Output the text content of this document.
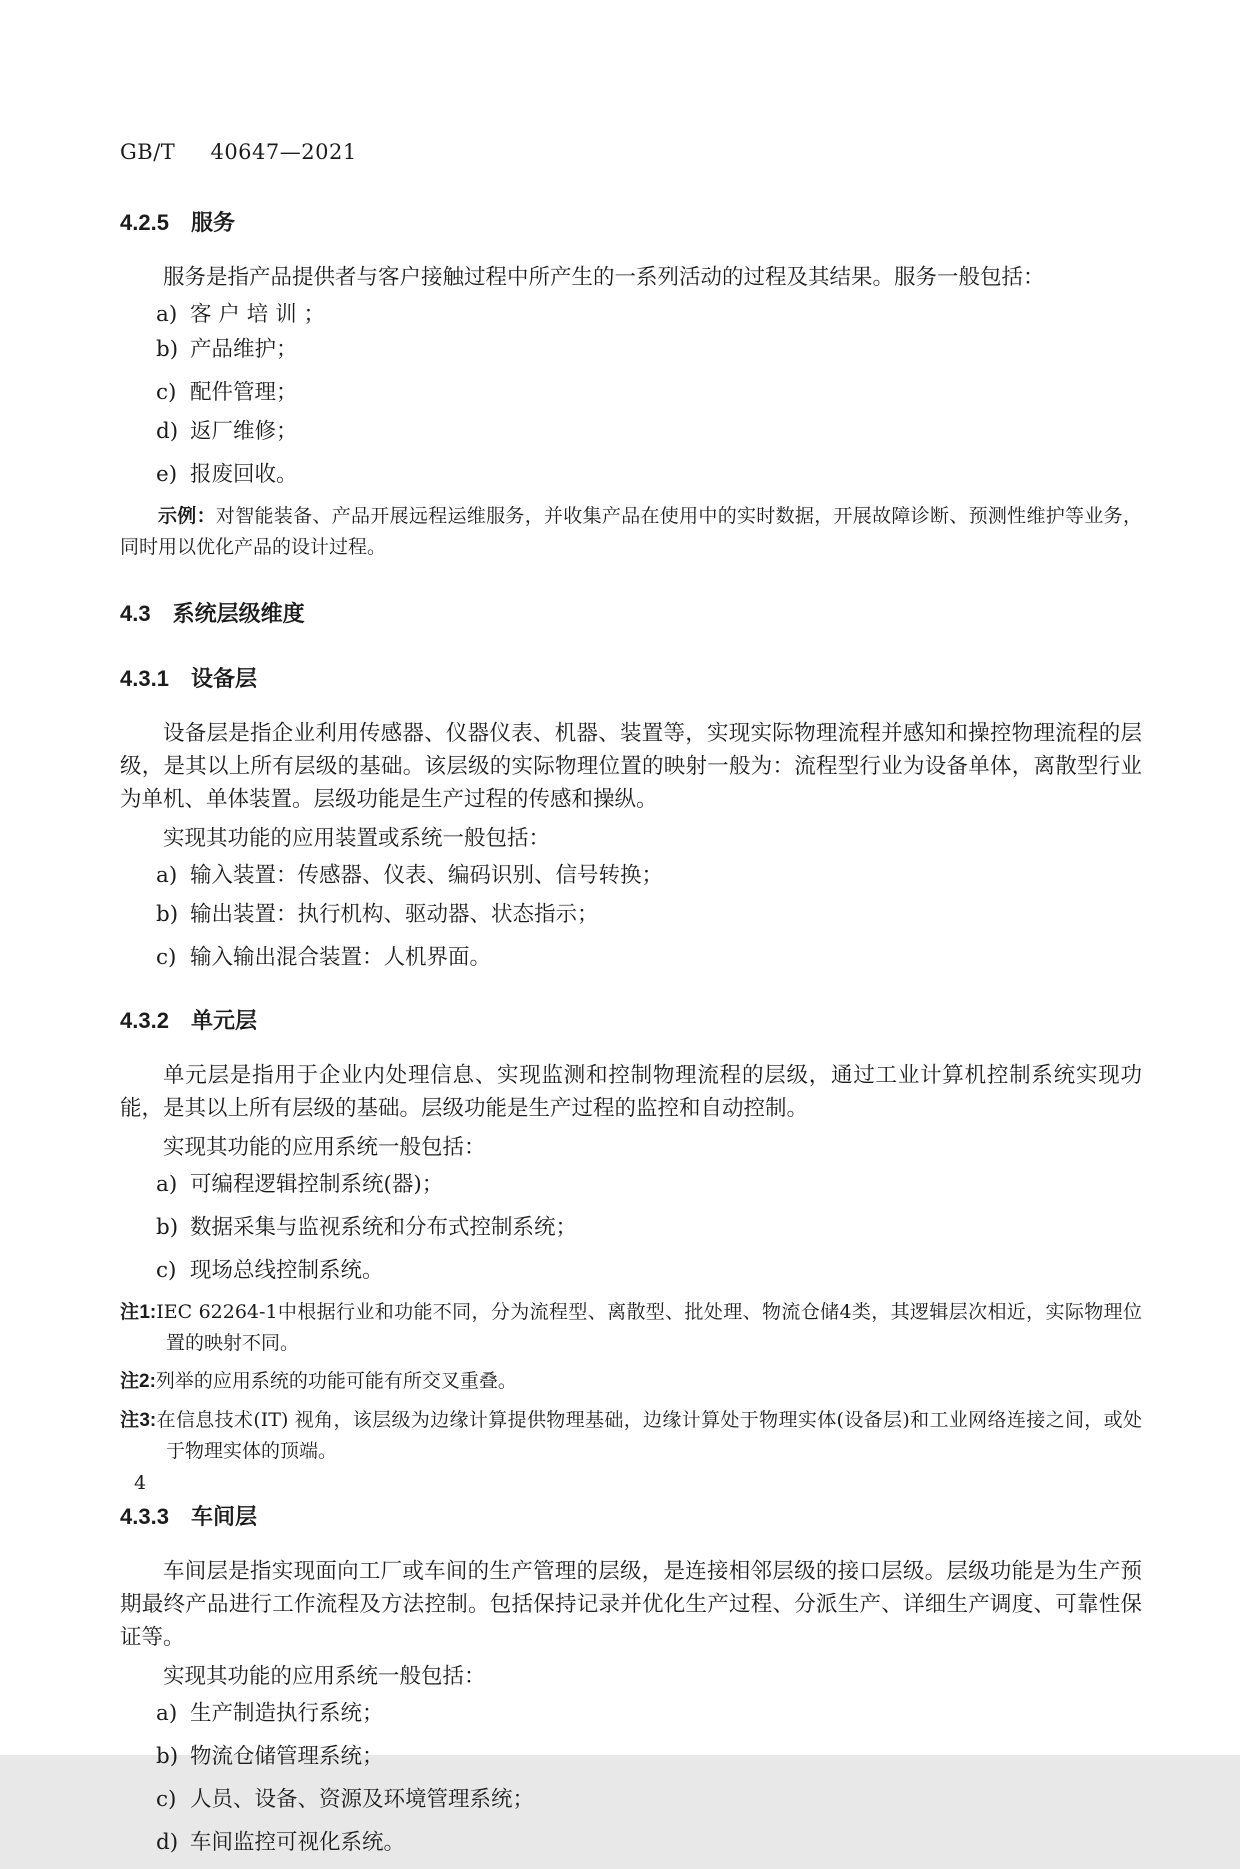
GB/T 40647—2021
4.2.5 服务

服务是指产品提供者与客户接触过程中所产生的一系列活动的过程及其结果。服务一般包括：

a) 客户培训；
b) 产品维护；
c) 配件管理；
d) 返厂维修；
e) 报废回收。

示例：对智能装备、产品开展远程运维服务，并收集产品在使用中的实时数据，开展故障诊断、预测性维护等业务，同时用以优化产品的设计过程。

4.3 系统层级维度
4.3.1 设备层

设备层是指企业利用传感器、仪器仪表、机器、装置等，实现实际物理流程并感知和操控物理流程的层级，是其以上所有层级的基础。该层级的实际物理位置的映射一般为：流程型行业为设备单体，离散型行业为单机、单体装置。层级功能是生产过程的传感和操纵。

实现其功能的应用装置或系统一般包括：

a) 输入装置：传感器、仪表、编码识别、信号转换；
b) 输出装置：执行机构、驱动器、状态指示；
c) 输入输出混合装置：人机界面。
4.3.2 单元层

单元层是指用于企业内处理信息、实现监测和控制物理流程的层级，通过工业计算机控制系统实现功能，是其以上所有层级的基础。层级功能是生产过程的监控和自动控制。

实现其功能的应用系统一般包括：

a) 可编程逻辑控制系统(器)；
b) 数据采集与监视系统和分布式控制系统；
c) 现场总线控制系统。
注1:IEC 62264-1中根据行业和功能不同，分为流程型、离散型、批处理、物流仓储4类，其逻辑层次相近，实际物理位置的映射不同。
注2:列举的应用系统的功能可能有所交叉重叠。
注3:在信息技术(IT) 视角，该层级为边缘计算提供物理基础，边缘计算处于物理实体(设备层)和工业网络连接之间，或处于物理实体的顶端。
4.3.3 车间层

车间层是指实现面向工厂或车间的生产管理的层级，是连接相邻层级的接口层级。层级功能是为生产预期最终产品进行工作流程及方法控制。包括保持记录并优化生产过程、分派生产、详细生产调度、可靠性保证等。

实现其功能的应用系统一般包括：

a) 生产制造执行系统；
b) 物流仓储管理系统；
c) 人员、设备、资源及环境管理系统；
d) 车间监控可视化系统。
4
